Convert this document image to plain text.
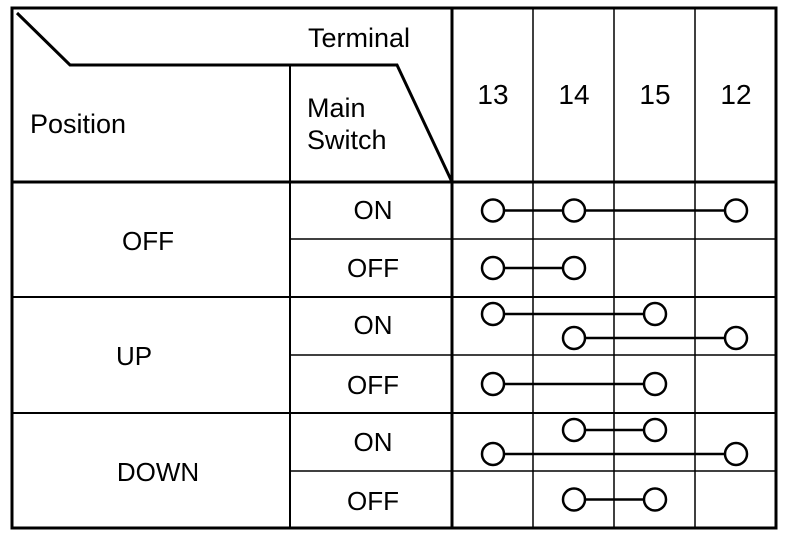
Terminal
Position
Main
Switch
13 14 15 12
OFF
UP
DOWN
ON
OFF
ON
OFF
ON
OFF
